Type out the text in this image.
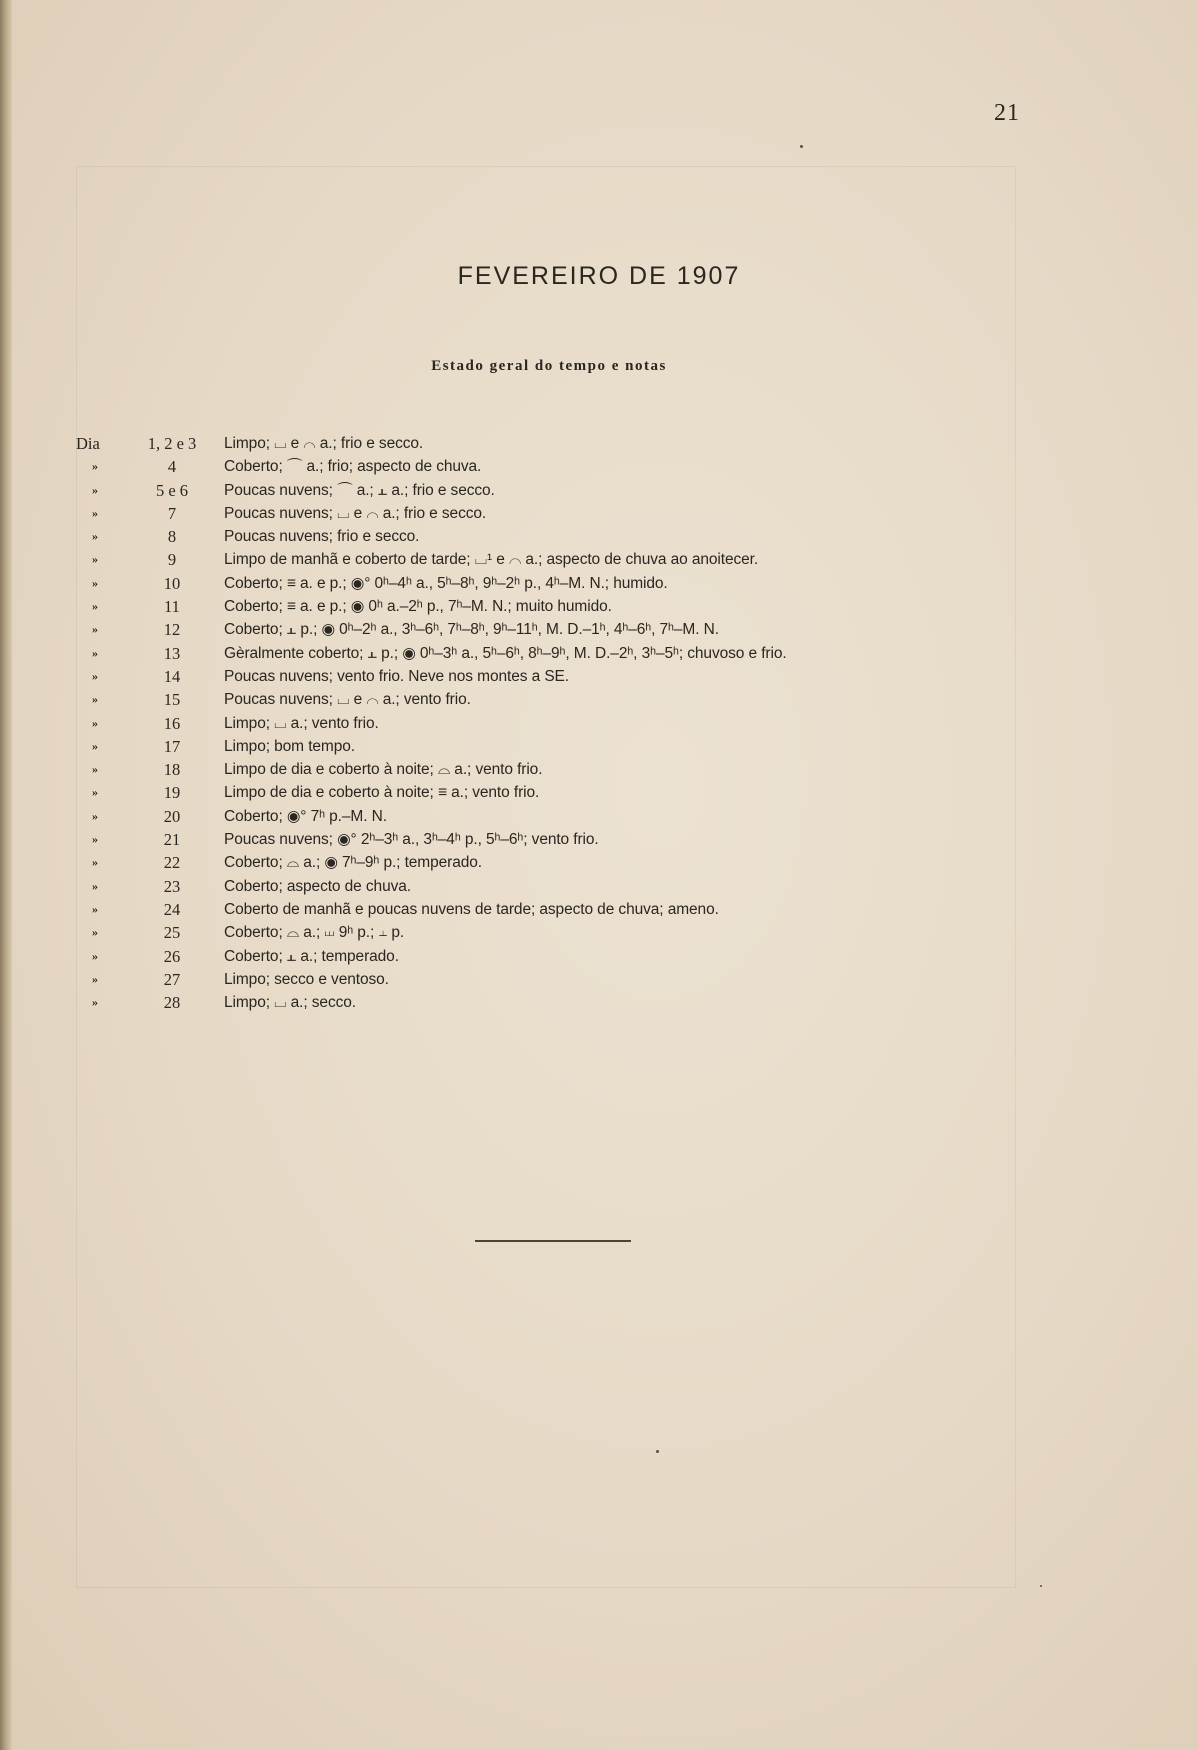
21
FEVEREIRO DE 1907
Estado geral do tempo e notas
Dia	1, 2 e 3	Limpo; ⌴ e ⌒ a.; frio e secco.
»	4	Coberto; ⌒ a.; frio; aspecto de chuva.
»	5 e 6	Poucas nuvens; ⌒ a.; ⫠ a.; frio e secco.
»	7	Poucas nuvens; ⌴ e ⌒ a.; frio e secco.
»	8	Poucas nuvens; frio e secco.
»	9	Limpo de manhã e coberto de tarde; ⌴¹ e ⌒ a.; aspecto de chuva ao anoitecer.
»	10	Coberto; ≡ a. e p.; ◉° 0ʰ–4ʰ a., 5ʰ–8ʰ, 9ʰ–2ʰ p., 4ʰ–M. N.; humido.
»	11	Coberto; ≡ a. e p.; ◉ 0ʰ a.–2ʰ p., 7ʰ–M. N.; muito humido.
»	12	Coberto; ⫠ p.; ◉ 0ʰ–2ʰ a., 3ʰ–6ʰ, 7ʰ–8ʰ, 9ʰ–11ʰ, M. D.–1ʰ, 4ʰ–6ʰ, 7ʰ–M. N.
»	13	Gèralmente coberto; ⫠ p.; ◉ 0ʰ–3ʰ a., 5ʰ–6ʰ, 8ʰ–9ʰ, M. D.–2ʰ, 3ʰ–5ʰ; chuvoso e frio.
»	14	Poucas nuvens; vento frio. Neve nos montes a SE.
»	15	Poucas nuvens; ⌴ e ⌒ a.; vento frio.
»	16	Limpo; ⌴ a.; vento frio.
»	17	Limpo; bom tempo.
»	18	Limpo de dia e coberto à noite; ⌓ a.; vento frio.
»	19	Limpo de dia e coberto à noite; ≡ a.; vento frio.
»	20	Coberto; ◉° 7ʰ p.–M. N.
»	21	Poucas nuvens; ◉° 2ʰ–3ʰ a., 3ʰ–4ʰ p., 5ʰ–6ʰ; vento frio.
»	22	Coberto; ⌓ a.; ◉ 7ʰ–9ʰ p.; temperado.
»	23	Coberto; aspecto de chuva.
»	24	Coberto de manhã e poucas nuvens de tarde; aspecto de chuva; ameno.
»	25	Coberto; ⌓ a.; ⏙ 9ʰ p.; ⫠ p.
»	26	Coberto; ⫠ a.; temperado.
»	27	Limpo; secco e ventoso.
»	28	Limpo; ⌴ a.; secco.
